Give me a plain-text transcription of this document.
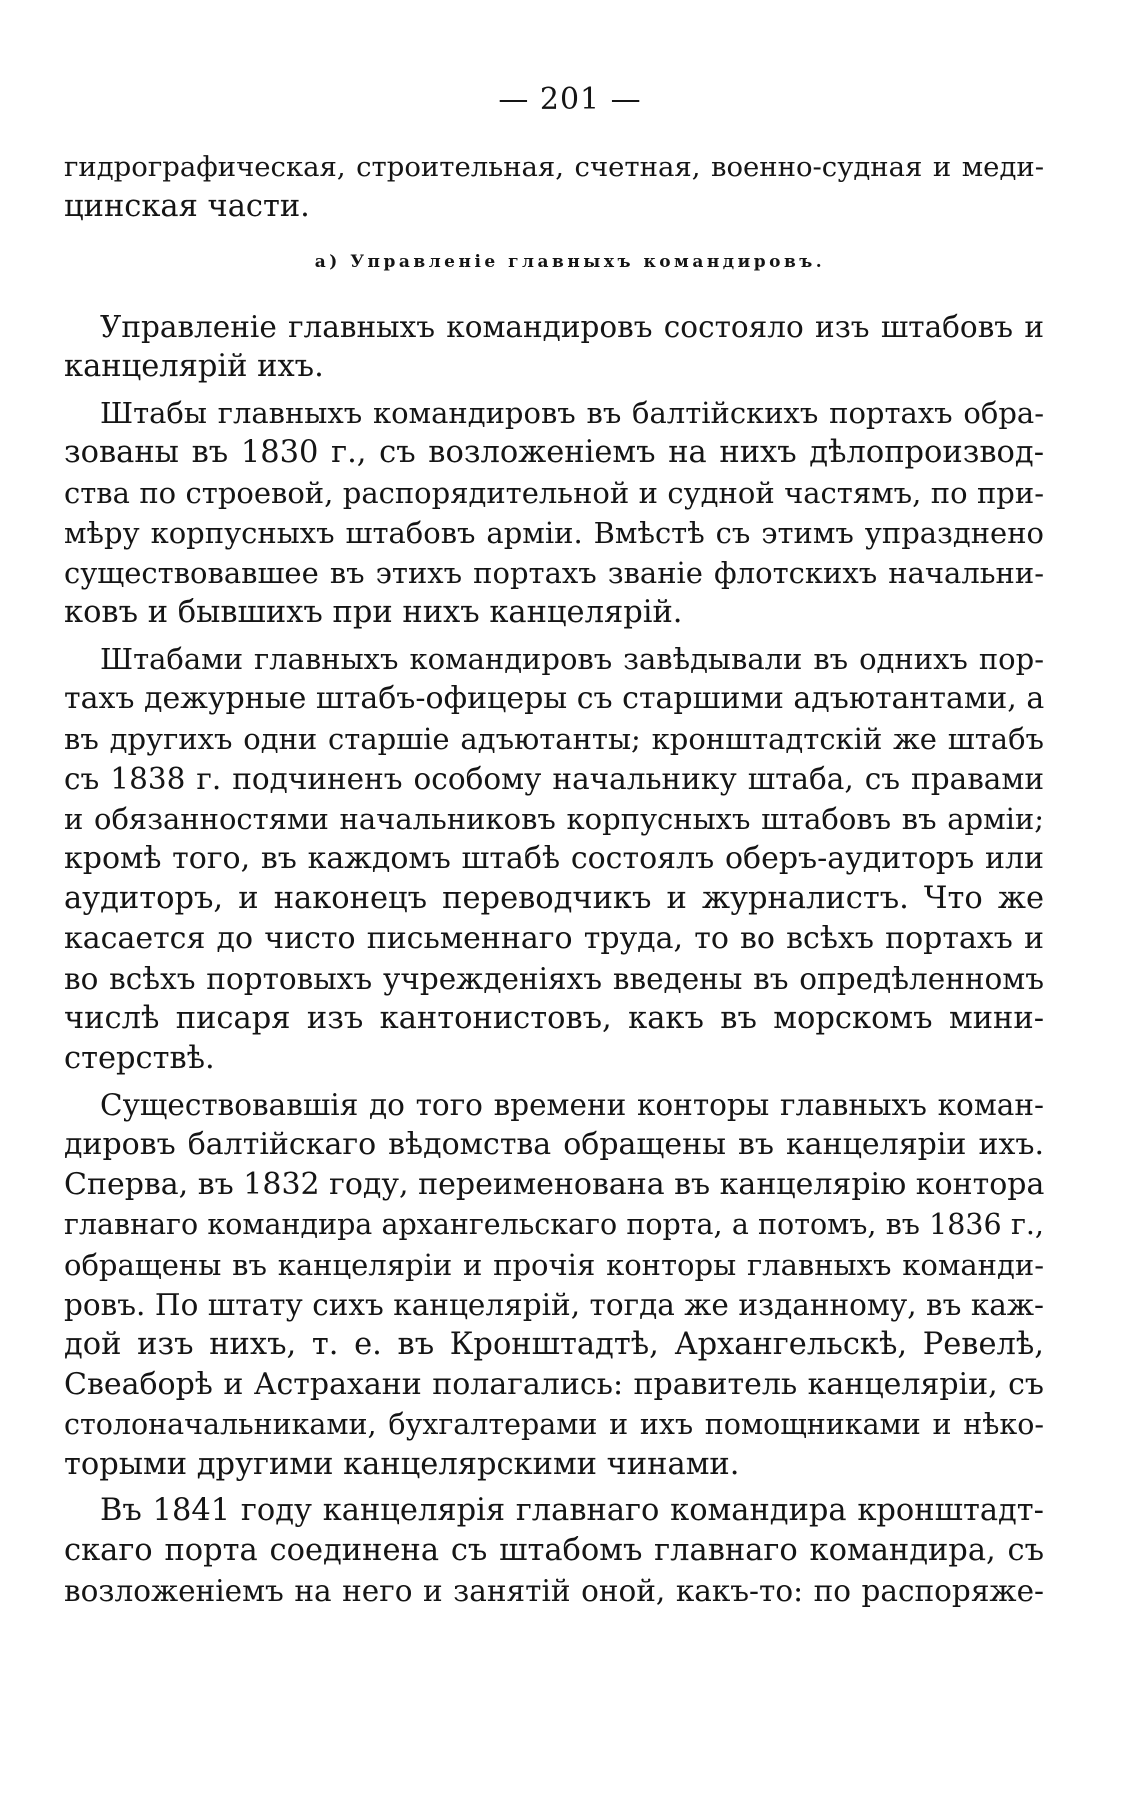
— 201 —
гидрографическая, строительная, счетная, военно-судная и меди-
цинская части.
а) Управленіе главныхъ командировъ.
Управленіе главныхъ командировъ состояло изъ штабовъ и
канцелярій ихъ.
Штабы главныхъ командировъ въ балтійскихъ портахъ обра-
зованы въ 1830 г., съ возложеніемъ на нихъ дѣлопроизвод-
ства по строевой, распорядительной и судной частямъ, по при-
мѣру корпусныхъ штабовъ арміи. Вмѣстѣ съ этимъ упразднено
существовавшее въ этихъ портахъ званіе флотскихъ начальни-
ковъ и бывшихъ при нихъ канцелярій.
Штабами главныхъ командировъ завѣдывали въ однихъ пор-
тахъ дежурные штабъ-офицеры съ старшими адъютантами, а
въ другихъ одни старшіе адъютанты; кронштадтскій же штабъ
съ 1838 г. подчиненъ особому начальнику штаба, съ правами
и обязанностями начальниковъ корпусныхъ штабовъ въ арміи;
кромѣ того, въ каждомъ штабѣ состоялъ оберъ-аудиторъ или
аудиторъ, и наконецъ переводчикъ и журналистъ. Что же
касается до чисто письменнаго труда, то во всѣхъ портахъ и
во всѣхъ портовыхъ учрежденіяхъ введены въ опредѣленномъ
числѣ писаря изъ кантонистовъ, какъ въ морскомъ мини-
стерствѣ.
Существовавшія до того времени конторы главныхъ коман-
дировъ балтійскаго вѣдомства обращены въ канцеляріи ихъ.
Сперва, въ 1832 году, переименована въ канцелярію контора
главнаго командира архангельскаго порта, а потомъ, въ 1836 г.,
обращены въ канцеляріи и прочія конторы главныхъ команди-
ровъ. По штату сихъ канцелярій, тогда же изданному, въ каж-
дой изъ нихъ, т. е. въ Кронштадтѣ, Архангельскѣ, Ревелѣ,
Свеаборѣ и Астрахани полагались: правитель канцеляріи, съ
столоначальниками, бухгалтерами и ихъ помощниками и нѣко-
торыми другими канцелярскими чинами.
Въ 1841 году канцелярія главнаго командира кронштадт-
скаго порта соединена съ штабомъ главнаго командира, съ
возложеніемъ на него и занятій оной, какъ-то: по распоряже-
